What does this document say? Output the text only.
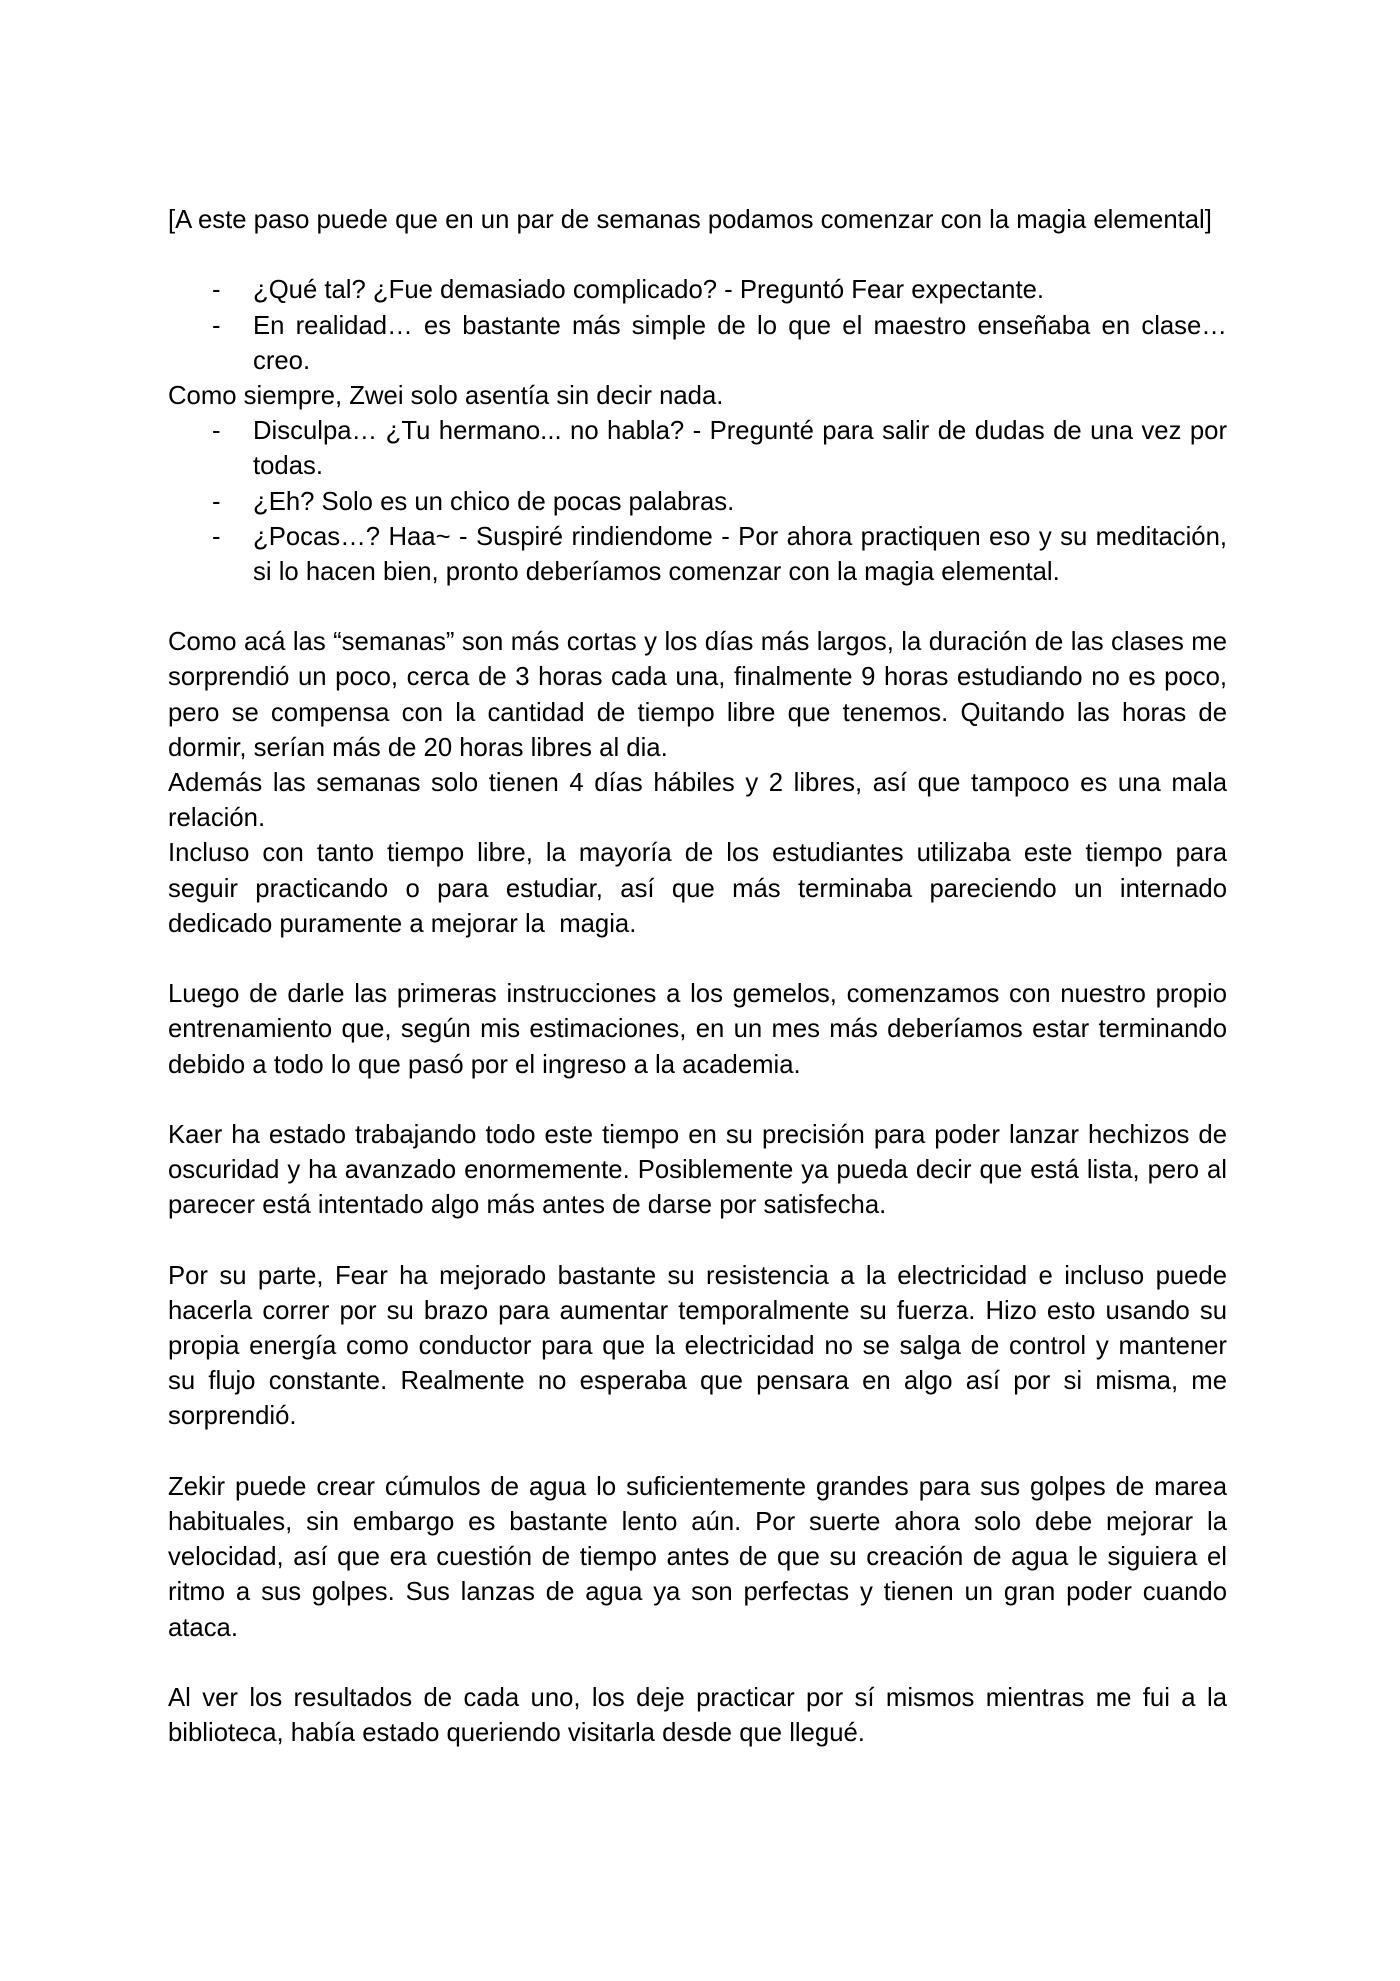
[A este paso puede que en un par de semanas podamos comenzar con la magia elemental]
- ¿Qué tal? ¿Fue demasiado complicado? - Preguntó Fear expectante.
- En realidad… es bastante más simple de lo que el maestro enseñaba en clase…
creo.
Como siempre, Zwei solo asentía sin decir nada.
- Disculpa… ¿Tu hermano... no habla? - Pregunté para salir de dudas de una vez por
todas.
- ¿Eh? Solo es un chico de pocas palabras.
- ¿Pocas…? Haa~ - Suspiré rindiendome - Por ahora practiquen eso y su meditación,
si lo hacen bien, pronto deberíamos comenzar con la magia elemental.
Como acá las “semanas” son más cortas y los días más largos, la duración de las clases me
sorprendió un poco, cerca de 3 horas cada una, finalmente 9 horas estudiando no es poco,
pero se compensa con la cantidad de tiempo libre que tenemos. Quitando las horas de
dormir, serían más de 20 horas libres al dia.
Además las semanas solo tienen 4 días hábiles y 2 libres, así que tampoco es una mala
relación.
Incluso con tanto tiempo libre, la mayoría de los estudiantes utilizaba este tiempo para
seguir practicando o para estudiar, así que más terminaba pareciendo un internado
dedicado puramente a mejorar la  magia.
Luego de darle las primeras instrucciones a los gemelos, comenzamos con nuestro propio
entrenamiento que, según mis estimaciones, en un mes más deberíamos estar terminando
debido a todo lo que pasó por el ingreso a la academia.
Kaer ha estado trabajando todo este tiempo en su precisión para poder lanzar hechizos de
oscuridad y ha avanzado enormemente. Posiblemente ya pueda decir que está lista, pero al
parecer está intentado algo más antes de darse por satisfecha.
Por su parte, Fear ha mejorado bastante su resistencia a la electricidad e incluso puede
hacerla correr por su brazo para aumentar temporalmente su fuerza. Hizo esto usando su
propia energía como conductor para que la electricidad no se salga de control y mantener
su flujo constante. Realmente no esperaba que pensara en algo así por si misma, me
sorprendió.
Zekir puede crear cúmulos de agua lo suficientemente grandes para sus golpes de marea
habituales, sin embargo es bastante lento aún. Por suerte ahora solo debe mejorar la
velocidad, así que era cuestión de tiempo antes de que su creación de agua le siguiera el
ritmo a sus golpes. Sus lanzas de agua ya son perfectas y tienen un gran poder cuando
ataca.
Al ver los resultados de cada uno, los deje practicar por sí mismos mientras me fui a la
biblioteca, había estado queriendo visitarla desde que llegué.
